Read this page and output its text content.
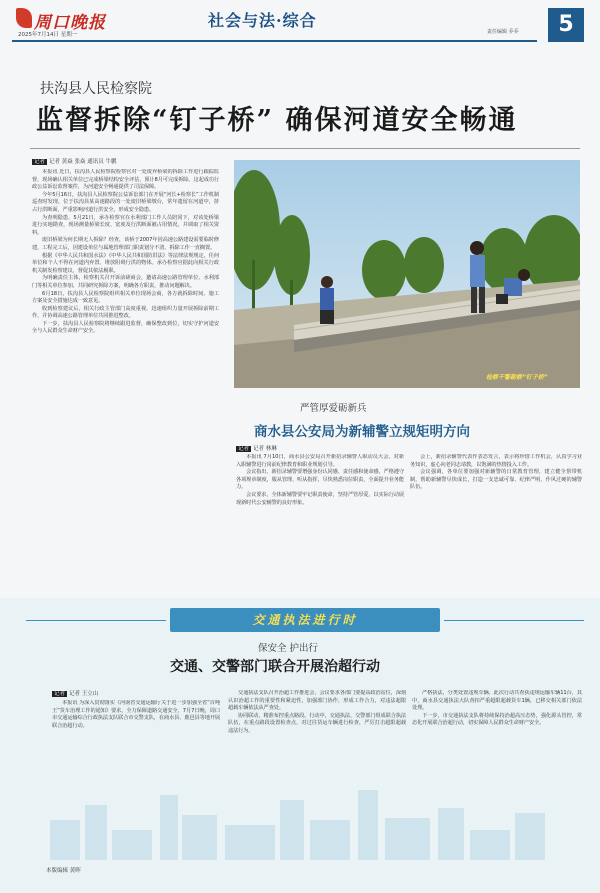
周口晚报
2025年7月14日 星期一
社会与法·综合
责任编辑 乔乔	5
扶沟县人民检察院
监督拆除“钉子桥” 确保河道安全畅通
记者 记者 黄焱 张焱 通讯员 牛鹏

本报讯 近日，扶沟县人民检察院检察官对一处废弃桥梁的拆除工作进行跟踪监督，现场确认相关单位已完成桥梁结构安全评估，预计8月可完成拆除。这起成功行政公益诉讼监督案件，为河道安全畅通提供了司法保障。

今年5月16日，扶沟县人民检察院公益诉讼部门在开展“河长+检察长”工作机制巡查时发现，位于扶沟县某高速路段的一处废旧桥梁墩台，常年遗留在河道中，挤占行洪断面，严重影响河道行洪安全，形成安全隐患。

为查明隐患，5月21日，承办检察官在水利部门工作人员陪同下，对该处桥梁进行实地勘查，现场测量桥梁长度、宽度及行洪断面被占用情况，并调取了相关资料。

废旧桥梁为何长期无人拆除？经查，该桥于2007年因高速公路建设需要临时修建，工程完工后，因建设单位与属地管理部门职责划分不清，拆除工作一直搁置。

根据《中华人民共和国水法》《中华人民共和国防洪法》等法律法规规定，任何单位和个人不得在河道内弃置、堆放阻碍行洪的物体。承办检察官据此向相关行政机关制发检察建议，督促其依法履职。

为明确责任主体，检察机关召开诉前磋商会，邀请高速公路管理单位、水利部门等相关单位参加，共同研究拆除方案，明确各方职责，推动问题解决。

6月18日，扶沟县人民检察院组织相关单位现场会商，各方就拆除时间、施工方案及安全措施达成一致意见。

收到检察建议后，相关行政主管部门高度重视，迅速组织力量开展拆除前期工作，并协调高速公路管理单位共同推进整改。

下一步，扶沟县人民检察院将继续跟进监督，确保整改到位，切实守护河道安全与人民群众生命财产安全。

检察干警勘察“钉子桥”
严管厚爱砺新兵
商水县公安局为新辅警立规矩明方向
记者 记者 林琳

本报讯 7月10日，商水县公安局召开新招录辅警人职动员大会，对新入职辅警进行岗前纪律教育和职业规划引导。

会议指出，新招录辅警要增强身份认同感、责任感和使命感，严格遵守各项规章制度，服从管理、听从指挥，尽快熟悉岗位职责，全面提升业务能力。

会议要求，全体新辅警要牢记职责使命，坚持严管厚爱，以实际行动展现新时代公安辅警的良好形象。

会上，新招录辅警代表作表态发言，表示将珍惜工作机会，认真学习业务知识，虚心向老同志请教，以饱满的热情投入工作。

会议强调，各单位要加强对新辅警的日常教育管理，建立健全帮带机制，帮助新辅警尽快成长，打造一支忠诚可靠、纪律严明、作风过硬的辅警队伍。

交通执法进行时
保安全 护出行
交通、交警部门联合开展治超行动
记者 记者 王立山

本报讯 为深入贯彻落实《河南省交通运输厅关于进一步加强全省“百吨王”货车治理工作的通知》要求，全力保障道路交通安全，7月7日晚，周口市交通运输综合行政执法支队联合市交警支队，在商水县、鹿邑县等地开展联合治超行动。

交通执法支队召开治超工作推进会，会议要求各部门要提高政治站位，深刻认识治超工作的重要性和紧迫性，加强部门协作，形成工作合力，对违法超限超载车辆依法从严查处。

协同联动，精准布控重点路段。行动中，交通执法、交警部门组成联合执法队伍，在重点路段设置检查点，对过往货运车辆进行检查，严厉打击超限超载违法行为。

严格执法，分类处置违规车辆。此次行动共查获违规运输车辆11台，其中，商水县交通执法大队查扣严重超限超载货车1辆，已移交相关部门依法处理。

下一步，市交通执法支队将持续保持治超高压态势，强化源头管控，常态化开展联合治超行动，切实保障人民群众生命财产安全。

本版编辑 黄晖
